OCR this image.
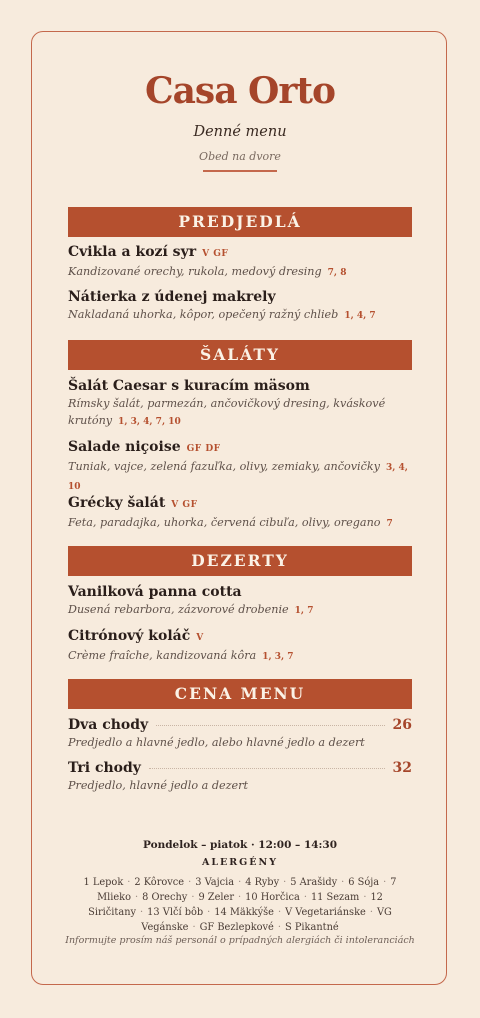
Casa Orto
Denné menu
Obed na dvore
PREDJEDLÁ
Cvikla a kozí syr V GF
Kandizované orechy, rukola, medový dresing 7, 8
Nátierka z údenej makrely
Nakladaná uhorka, kôpor, opečený ražný chlieb 1, 4, 7
ŠALÁTY
Šalát Caesar s kuracím mäsom
Rímsky šalát, parmezán, ančovičkový dresing, kváskové krutóny 1, 3, 4, 7, 10
Salade niçoise GF DF
Tuniak, vajce, zelená fazuľka, olivy, zemiaky, ančovičky 3, 4, 10
Grécky šalát V GF
Feta, paradajka, uhorka, červená cibuľa, olivy, oregano 7
DEZERTY
Vanilková panna cotta
Dusená rebarbora, zázvorové drobenie 1, 7
Citrónový koláč V
Crème fraîche, kandizovaná kôra 1, 3, 7
CENA MENU
Dva chody	26
Predjedlo a hlavné jedlo, alebo hlavné jedlo a dezert
Tri chody	32
Predjedlo, hlavné jedlo a dezert
Pondelok – piatok · 12:00 – 14:30
ALERGÉNY
1 Lepok · 2 Kôrovce · 3 Vajcia · 4 Ryby · 5 Arašidy · 6 Sója · 7 Mlieko · 8 Orechy · 9 Zeler · 10 Horčica · 11 Sezam · 12 Siričitany · 13 Vlčí bôb · 14 Mäkkýše · V Vegetariánske · VG Vegánske · GF Bezlepkové · S Pikantné
Informujte prosím náš personál o prípadných alergiách či intoleranciách
